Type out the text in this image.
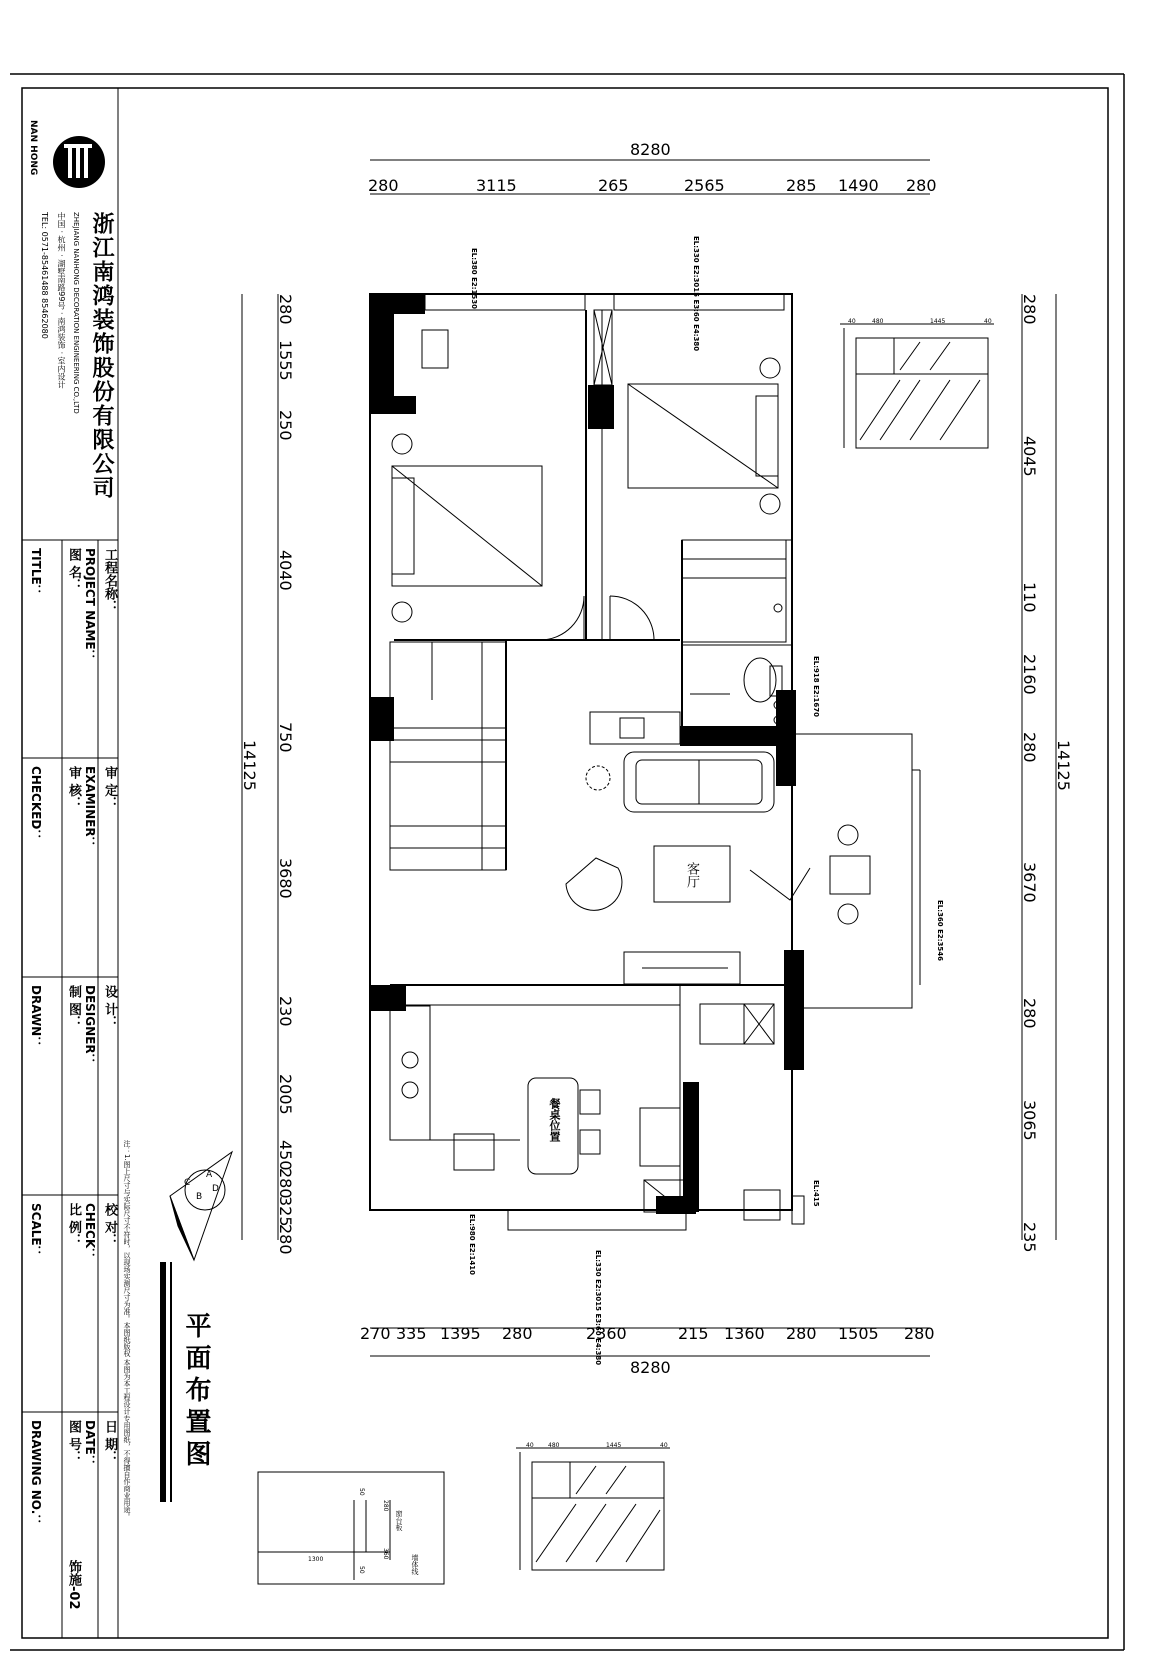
NAN HONG
浙江南鸿装饰股份有限公司
ZHEJIANG NANHONG DECORATION ENGINEERING CO.,LTD
中国 · 杭州 · 湖墅南路99号 · 南鸿装饰 · 室内设计
TEL: 0571-85461488 85462080
工程名称：
PROJECT NAME：
图 名：
TITLE：
审 定：
EXAMINER：
审 核：
CHECKED：
设 计：
DESIGNER：
制 图：
DRAWN：
校 对：
CHECK：
比 例：
SCALE：
日 期：
DATE：
图 号：
DRAWING NO.：
饰施-02
注：1.图上尺寸与实际尺寸不符时，以现场实测尺寸为准。本图纸版权 本图为本工程设计专用图纸，不得擅自作商业用途。 平面布置图
客厅
餐桌位置
EL:380 E2:1530	EL:330 E2:3015 E3:60 E4:380
EL:918 E2:1670
EL:360 E2:3546
EL:980 E2:1410
EL:330 E2:3015 E3:60 E4:380
EL:415
8280
280	3115	265	2565	285 1490 280
8280
270 335 1395 280	2360	215 1360 280 1505 280
14125
280
1555
250
4040
750
3680
230
2005
450
280
325
280
14125
280
4045
110
2160
280
3670
280
3065
235
40	480	1445	40
40 480	1445	40
1300
50
280
360
50
窗台板
墙体线
A
B
C
D
